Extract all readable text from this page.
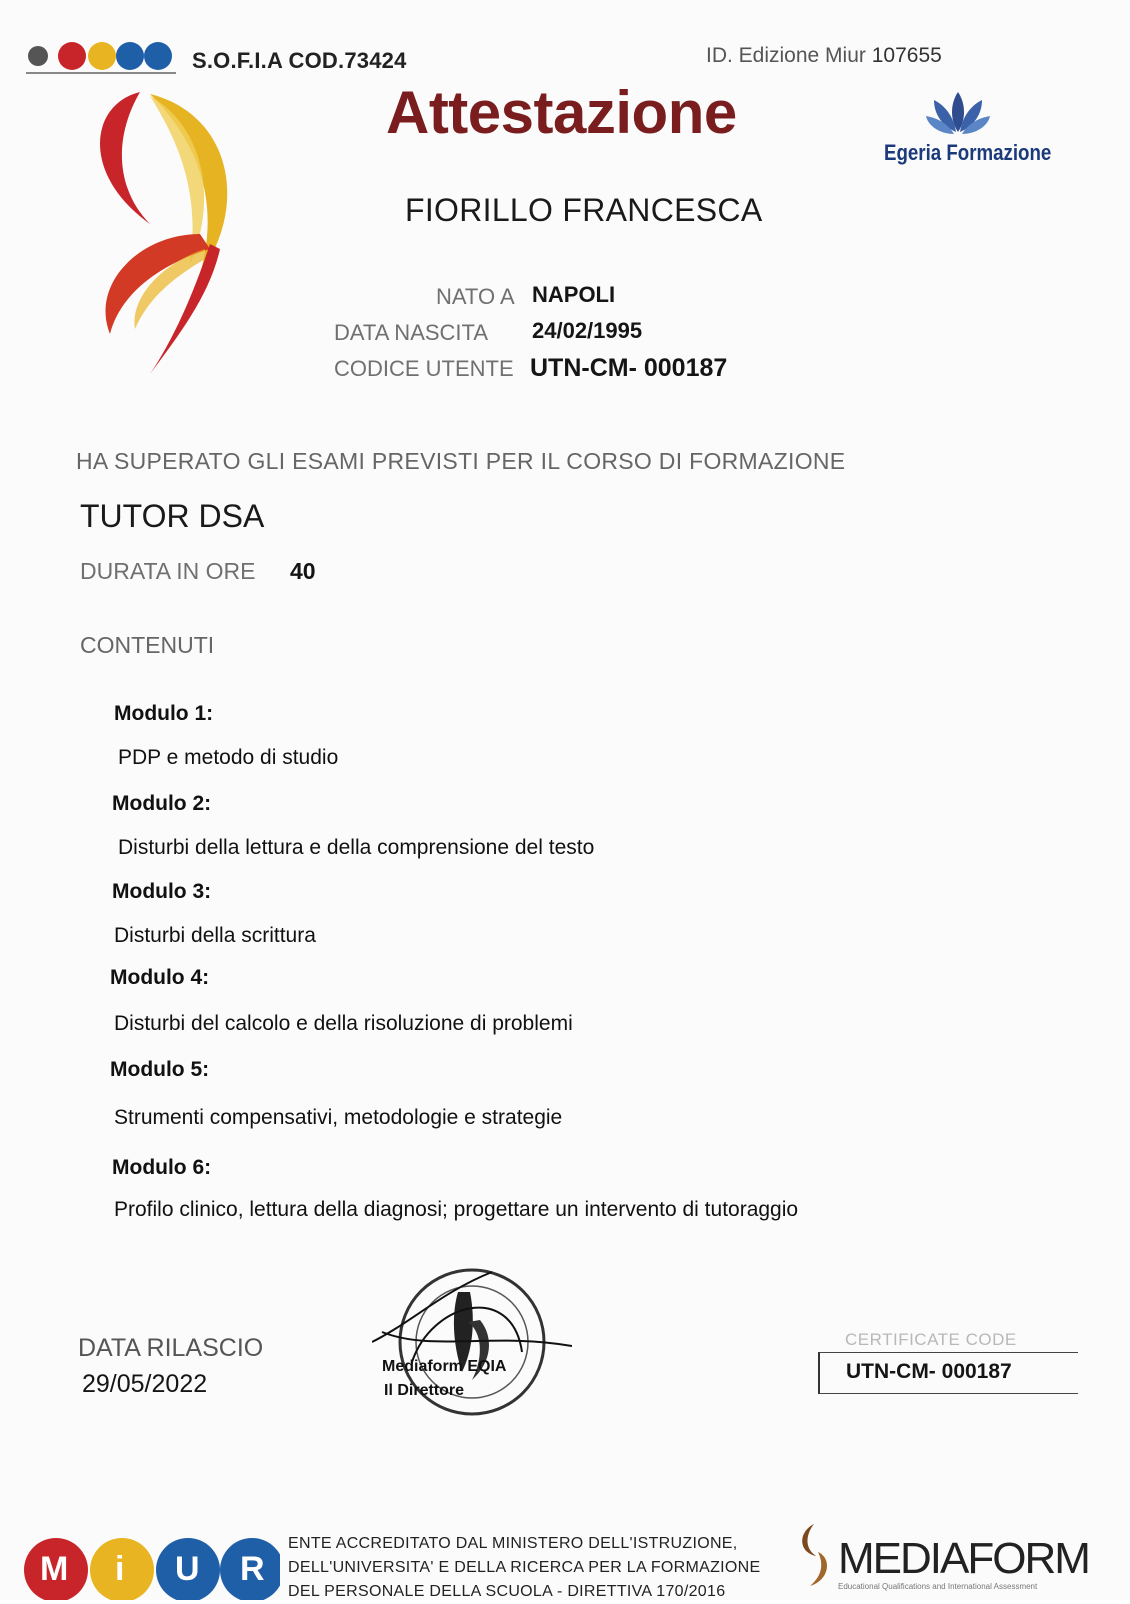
S.O.F.I.A COD.73424	ID. Edizione Miur 107655
Attestazione
Egeria Formazione
FIORILLO FRANCESCA
NATO A NAPOLI
DATA NASCITA 24/02/1995
CODICE UTENTE UTN-CM- 000187
HA SUPERATO GLI ESAMI PREVISTI PER IL CORSO DI FORMAZIONE
TUTOR DSA
DURATA IN ORE 40
CONTENUTI
Modulo 1:
PDP e metodo di studio
Modulo 2:
Disturbi della lettura e della comprensione del testo
Modulo 3:
Disturbi della scrittura
Modulo 4:
Disturbi del calcolo e della risoluzione di problemi
Modulo 5:
Strumenti compensativi, metodologie e strategie
Modulo 6:
Profilo clinico, lettura della diagnosi; progettare un intervento di tutoraggio
DATA RILASCIO
29/05/2022
Mediaform EQIA
Il Direttore
CERTIFICATE CODE
UTN-CM- 000187
M i U R
ENTE ACCREDITATO DAL MINISTERO DELL'ISTRUZIONE,
DELL'UNIVERSITA' E DELLA RICERCA PER LA FORMAZIONE
DEL PERSONALE DELLA SCUOLA - DIRETTIVA 170/2016
MEDIAFORM
Educational Qualifications and International Assessment
